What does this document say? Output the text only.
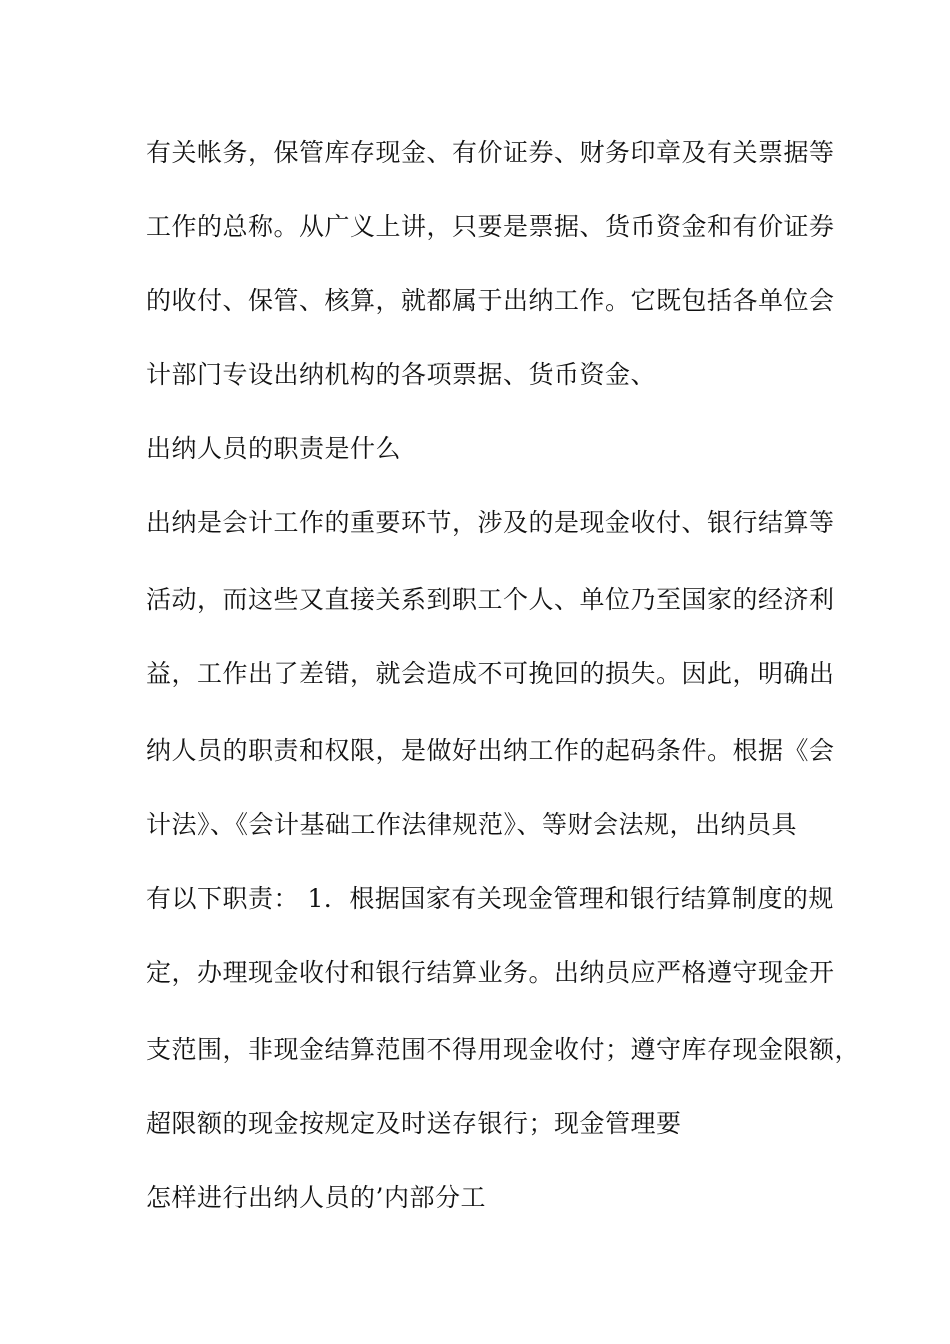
有关帐务，保管库存现金、有价证券、财务印章及有关票据等
工作的总称。从广义上讲，只要是票据、货币资金和有价证券
的收付、保管、核算，就都属于出纳工作。它既包括各单位会
计部门专设出纳机构的各项票据、货币资金、
出纳人员的职责是什么
出纳是会计工作的重要环节，涉及的是现金收付、银行结算等
活动，而这些又直接关系到职工个人、单位乃至国家的经济利
益，工作出了差错，就会造成不可挽回的损失。因此，明确出
纳人员的职责和权限，是做好出纳工作的起码条件。根据《会
计法》、《会计基础工作法律规范》、等财会法规，出纳员具
有以下职责： 1．根据国家有关现金管理和银行结算制度的规
定，办理现金收付和银行结算业务。出纳员应严格遵守现金开
支范围，非现金结算范围不得用现金收付；遵守库存现金限额，
超限额的现金按规定及时送存银行；现金管理要
怎样进行出纳人员的’内部分工
